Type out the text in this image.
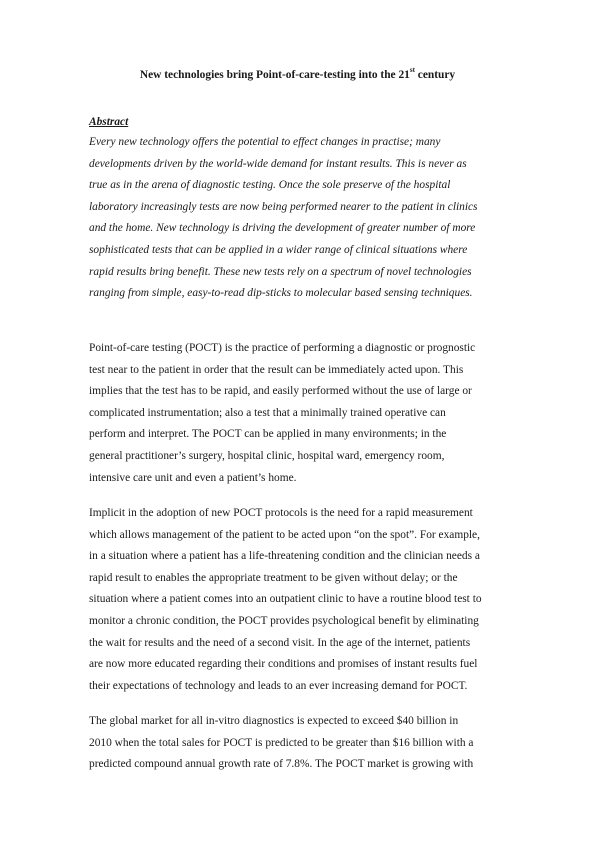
New technologies bring Point-of-care-testing into the 21st century
Abstract
Every new technology offers the potential to effect changes in practise; many
developments driven by the world-wide demand for instant results. This is never as
true as in the arena of diagnostic testing. Once the sole preserve of the hospital
laboratory increasingly tests are now being performed nearer to the patient in clinics
and the home. New technology is driving the development of greater number of more
sophisticated tests that can be applied in a wider range of clinical situations where
rapid results bring benefit. These new tests rely on a spectrum of novel technologies
ranging from simple, easy-to-read dip-sticks to molecular based sensing techniques.
Point-of-care testing (POCT) is the practice of performing a diagnostic or prognostic
test near to the patient in order that the result can be immediately acted upon. This
implies that the test has to be rapid, and easily performed without the use of large or
complicated instrumentation; also a test that a minimally trained operative can
perform and interpret. The POCT can be applied in many environments; in the
general practitioner’s surgery, hospital clinic, hospital ward, emergency room,
intensive care unit and even a patient’s home.
Implicit in the adoption of new POCT protocols is the need for a rapid measurement
which allows management of the patient to be acted upon “on the spot”. For example,
in a situation where a patient has a life-threatening condition and the clinician needs a
rapid result to enables the appropriate treatment to be given without delay; or the
situation where a patient comes into an outpatient clinic to have a routine blood test to
monitor a chronic condition, the POCT provides psychological benefit by eliminating
the wait for results and the need of a second visit. In the age of the internet, patients
are now more educated regarding their conditions and promises of instant results fuel
their expectations of technology and leads to an ever increasing demand for POCT.
The global market for all in-vitro diagnostics is expected to exceed $40 billion in
2010 when the total sales for POCT is predicted to be greater than $16 billion with a
predicted compound annual growth rate of 7.8%. The POCT market is growing with
